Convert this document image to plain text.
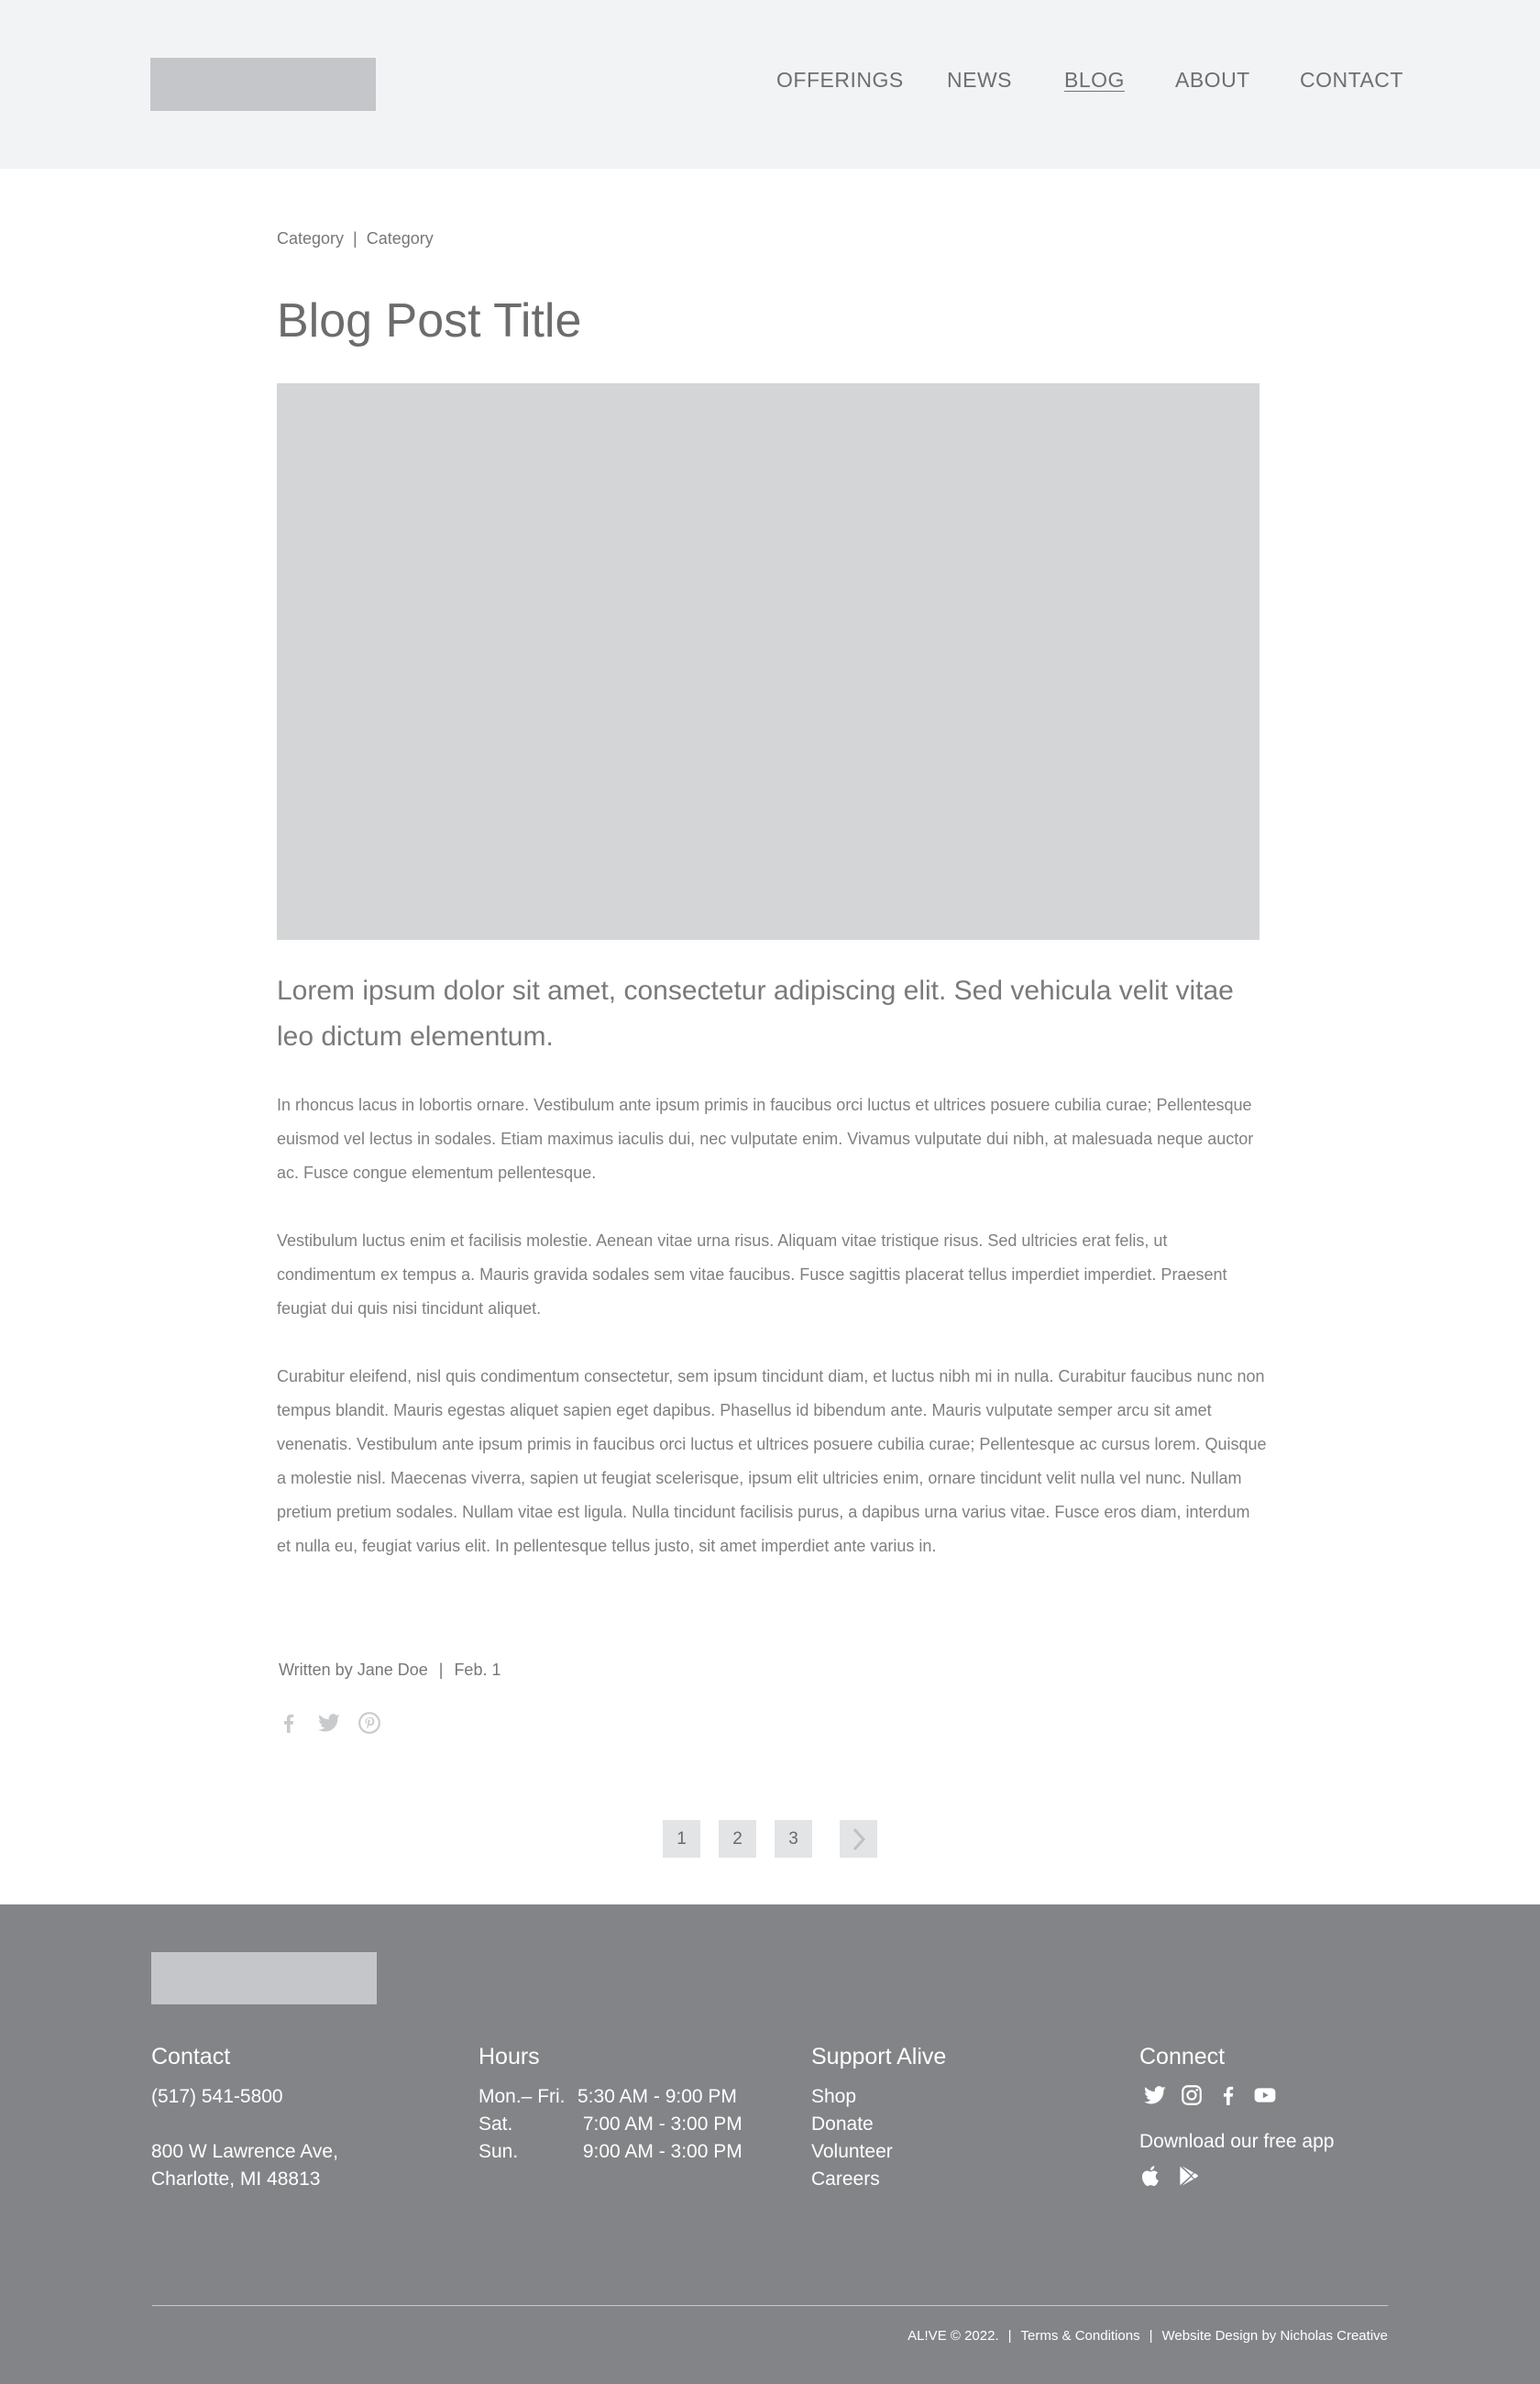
OFFERINGS NEWS BLOG ABOUT CONTACT
Category | Category
Blog Post Title

Lorem ipsum dolor sit amet, consectetur adipiscing elit. Sed vehicula velit vitae leo dictum elementum.

In rhoncus lacus in lobortis ornare. Vestibulum ante ipsum primis in faucibus orci luctus et ultrices posuere cubilia curae; Pellentesque euismod vel lectus in sodales. Etiam maximus iaculis dui, nec vulputate enim. Vivamus vulputate dui nibh, at malesuada neque auctor ac. Fusce congue elementum pellentesque.

Vestibulum luctus enim et facilisis molestie. Aenean vitae urna risus. Aliquam vitae tristique risus. Sed ultricies erat felis, ut condimentum ex tempus a. Mauris gravida sodales sem vitae faucibus. Fusce sagittis placerat tellus imperdiet imperdiet. Praesent feugiat dui quis nisi tincidunt aliquet.

Curabitur eleifend, nisl quis condimentum consectetur, sem ipsum tincidunt diam, et luctus nibh mi in nulla. Curabitur faucibus nunc non tempus blandit. Mauris egestas aliquet sapien eget dapibus. Phasellus id bibendum ante. Mauris vulputate semper arcu sit amet venenatis. Vestibulum ante ipsum primis in faucibus orci luctus et ultrices posuere cubilia curae; Pellentesque ac cursus lorem. Quisque a molestie nisl. Maecenas viverra, sapien ut feugiat scelerisque, ipsum elit ultricies enim, ornare tincidunt velit nulla vel nunc. Nullam pretium pretium sodales. Nullam vitae est ligula. Nulla tincidunt facilisis purus, a dapibus urna varius vitae. Fusce eros diam, interdum et nulla eu, feugiat varius elit. In pellentesque tellus justo, sit amet imperdiet ante varius in.

Written by Jane Doe | Feb. 1
1	2	3
Contact
(517) 541-5800
800 W Lawrence Ave,
Charlotte, MI 48813
Hours
Mon.– Fri. 5:30 AM - 9:00 PM
Sat.	7:00 AM - 3:00 PM
Sun.	9:00 AM - 3:00 PM
Support Alive
Shop
Donate
Volunteer
Careers
Connect
Download our free app
AL!VE © 2022. | Terms & Conditions | Website Design by Nicholas Creative
